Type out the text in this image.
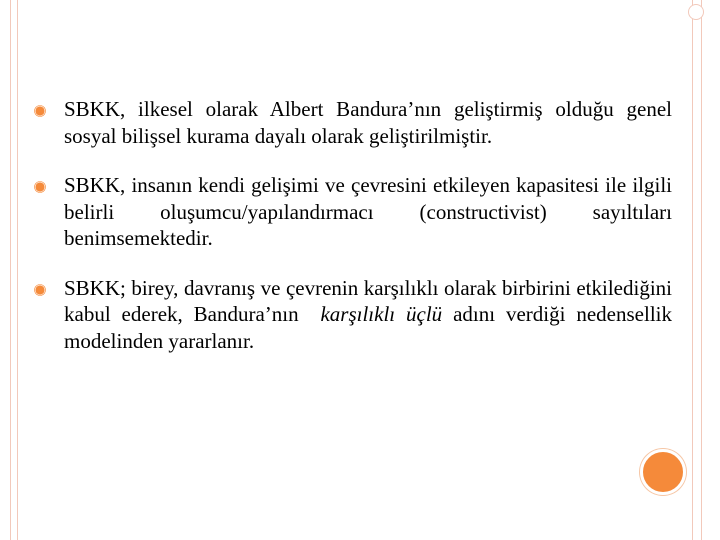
SBKK, ilkesel olarak Albert Bandura’nın geliştirmiş olduğu genel sosyal bilişsel kurama dayalı olarak geliştirilmiştir.
SBKK, insanın kendi gelişimi ve çevresini etkileyen kapasitesi ile ilgili belirli oluşumcu/yapılandırmacı (constructivist) sayıltıları benimsemektedir.
SBKK; birey, davranış ve çevrenin karşılıklı olarak birbirini etkilediğini kabul ederek, Bandura’nın karşılıklı üçlü adını verdiği nedensellik modelinden yararlanır.
